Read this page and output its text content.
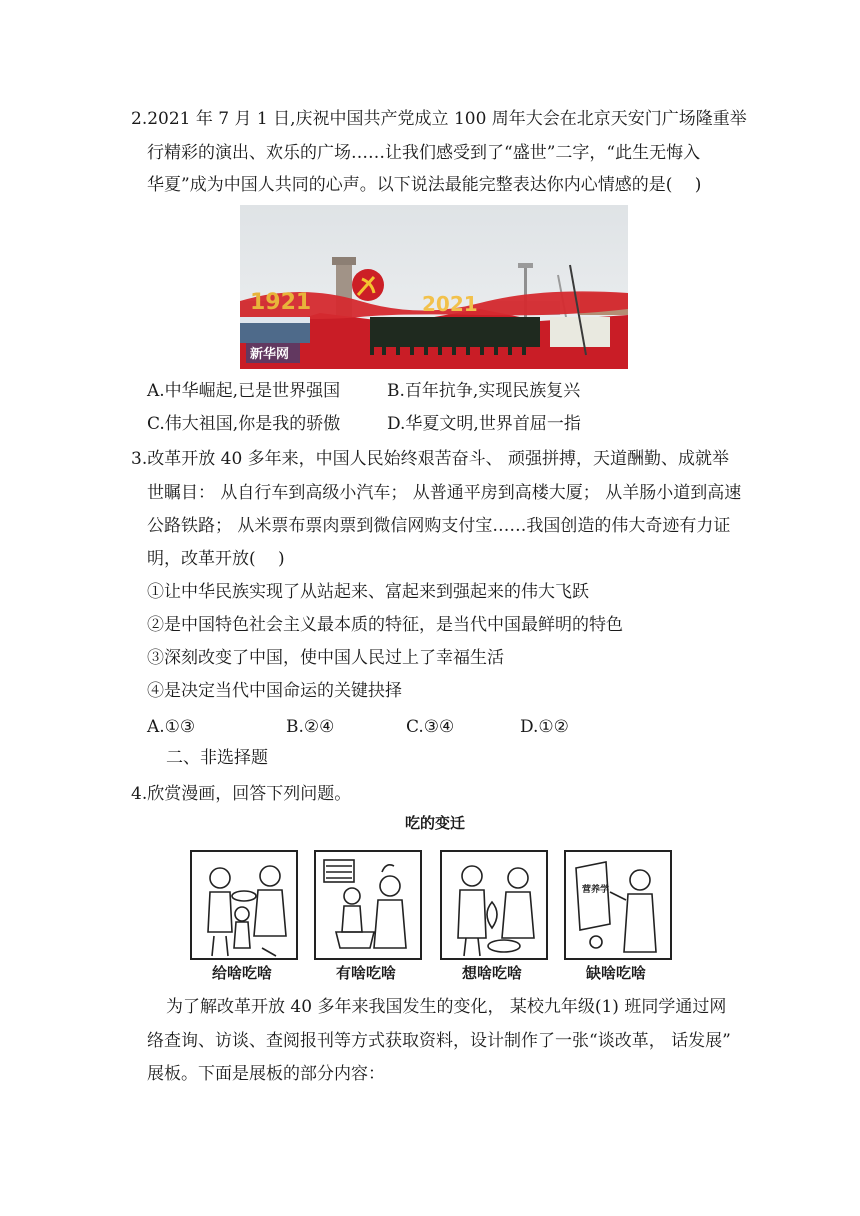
2.2021 年 7 月 1 日,庆祝中国共产党成立 100 周年大会在北京天安门广场隆重举
行精彩的演出、欢乐的广场……让我们感受到了“盛世”二字，“此生无悔入
华夏”成为中国人共同的心声。以下说法最能完整表达你内心情感的是(　 )
1921	2021
新华网
A.中华崛起,已是世界强国	B.百年抗争,实现民族复兴
C.伟大祖国,你是我的骄傲	D.华夏文明,世界首屈一指
3.改革开放 40 多年来，中国人民始终艰苦奋斗、 顽强拼搏，天道酬勤、成就举
世瞩目： 从自行车到高级小汽车； 从普通平房到高楼大厦； 从羊肠小道到高速
公路铁路； 从米票布票肉票到微信网购支付宝……我国创造的伟大奇迹有力证
明，改革开放(　 )
①让中华民族实现了从站起来、富起来到强起来的伟大飞跃
②是中国特色社会主义最本质的特征，是当代中国最鲜明的特色
③深刻改变了中国，使中国人民过上了幸福生活
④是决定当代中国命运的关键抉择
A.①③	B.②④	C.③④	D.①②
二、非选择题
4.欣赏漫画，回答下列问题。
吃的变迁
营养学
给啥吃啥	有啥吃啥	想啥吃啥	缺啥吃啥
为了解改革开放 40 多年来我国发生的变化， 某校九年级(1) 班同学通过网
络查询、访谈、查阅报刊等方式获取资料，设计制作了一张“谈改革， 话发展”
展板。下面是展板的部分内容：
